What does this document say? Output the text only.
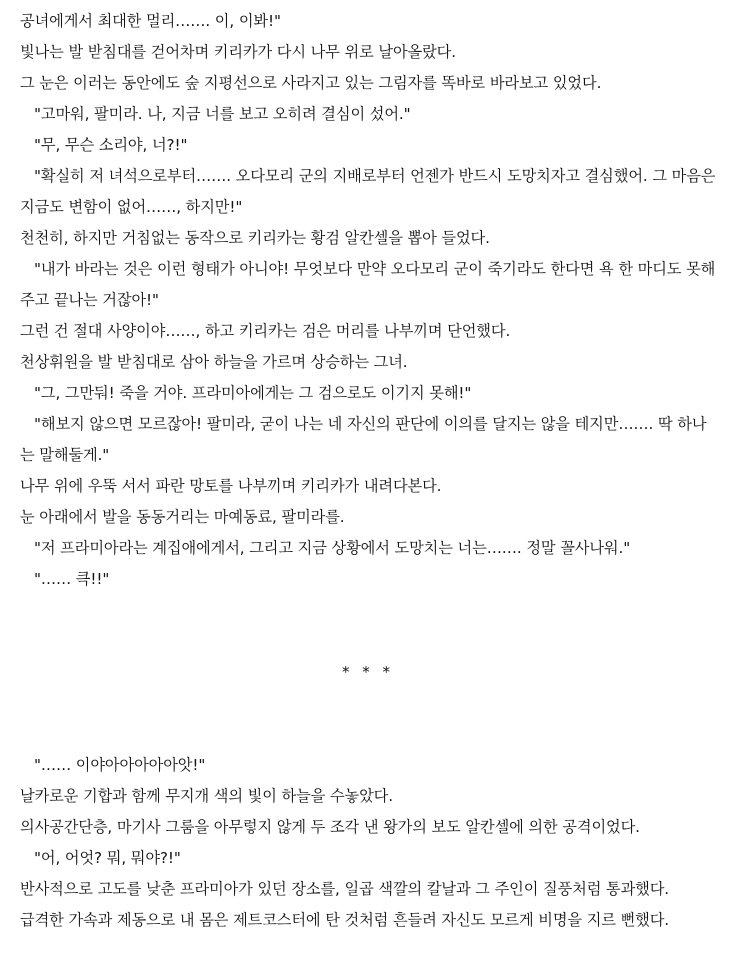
공녀에게서 최대한 멀리……. 이, 이봐!"

빛나는 발 받침대를 걷어차며 키리카가 다시 나무 위로 날아올랐다.

그 눈은 이러는 동안에도 숲 지평선으로 사라지고 있는 그림자를 똑바로 바라보고 있었다.

"고마워, 팔미라. 나, 지금 너를 보고 오히려 결심이 섰어."

"무, 무슨 소리야, 너?!"

"확실히 저 녀석으로부터……. 오다모리 군의 지배로부터 언젠가 반드시 도망치자고 결심했어. 그 마음은 지금도 변함이 없어……, 하지만!"

천천히, 하지만 거침없는 동작으로 키리카는 황검 알칸셀을 뽑아 들었다.

"내가 바라는 것은 이런 형태가 아니야! 무엇보다 만약 오다모리 군이 죽기라도 한다면 욕 한 마디도 못해 주고 끝나는 거잖아!"

그런 건 절대 사양이야……, 하고 키리카는 검은 머리를 나부끼며 단언했다.

천상휘원을 발 받침대로 삼아 하늘을 가르며 상승하는 그녀.

"그, 그만둬! 죽을 거야. 프라미아에게는 그 검으로도 이기지 못해!"

"해보지 않으면 모르잖아! 팔미라, 굳이 나는 네 자신의 판단에 이의를 달지는 않을 테지만……. 딱 하나는 말해둘게."

나무 위에 우뚝 서서 파란 망토를 나부끼며 키리카가 내려다본다.

눈 아래에서 발을 동동거리는 마예동료, 팔미라를.

"저 프라미아라는 계집애에게서, 그리고 지금 상황에서 도망치는 너는……. 정말 꼴사나워."

"…… 큭!!"

* * *

"…… 이야아아아아아앗!"

날카로운 기합과 함께 무지개 색의 빛이 하늘을 수놓았다.

의사공간단층, 마기사 그룸을 아무렇지 않게 두 조각 낸 왕가의 보도 알칸셀에 의한 공격이었다.

"어, 어엇? 뭐, 뭐야?!"

반사적으로 고도를 낮춘 프라미아가 있던 장소를, 일곱 색깔의 칼날과 그 주인이 질풍처럼 통과했다.

급격한 가속과 제동으로 내 몸은 제트코스터에 탄 것처럼 흔들려 자신도 모르게 비명을 지르 뻔했다.
